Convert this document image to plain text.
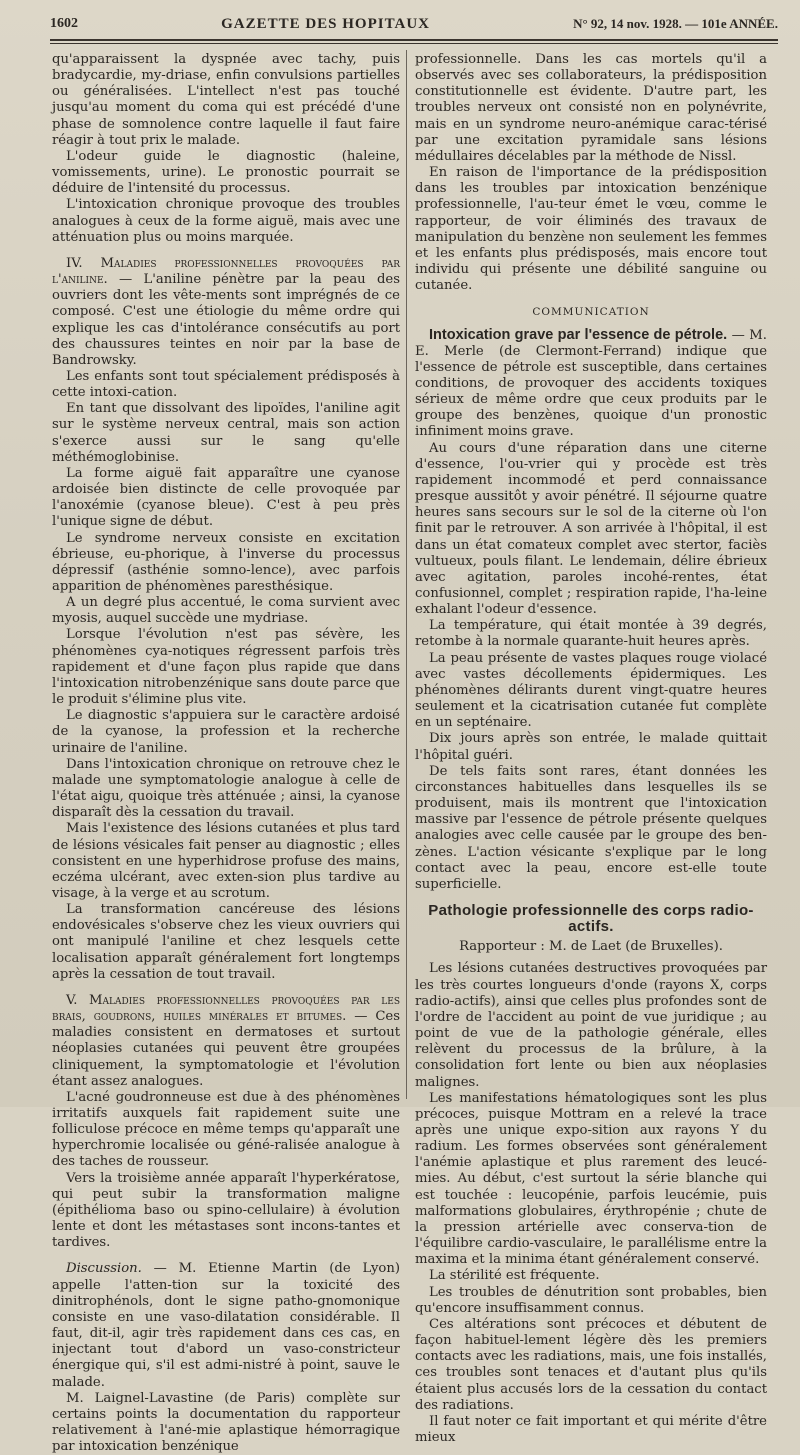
1602	GAZETTE DES HOPITAUX	N° 92, 14 nov. 1928. — 101e ANNÉE.

qu'apparaissent la dyspnée avec tachy, puis bradycardie, my-driase, enfin convulsions partielles ou généralisées. L'intellect n'est pas touché jusqu'au moment du coma qui est précédé d'une phase de somnolence contre laquelle il faut faire réagir à tout prix le malade.

L'odeur guide le diagnostic (haleine, vomissements, urine). Le pronostic pourrait se déduire de l'intensité du processus.

L'intoxication chronique provoque des troubles analogues à ceux de la forme aiguë, mais avec une atténuation plus ou moins marquée.

IV. Maladies professionnelles provoquées par l'aniline. — L'aniline pénètre par la peau des ouvriers dont les vête-ments sont imprégnés de ce composé. C'est une étiologie du même ordre qui explique les cas d'intolérance consécutifs au port des chaussures teintes en noir par la base de Bandrowsky.

Les enfants sont tout spécialement prédisposés à cette intoxi-cation.

En tant que dissolvant des lipoïdes, l'aniline agit sur le système nerveux central, mais son action s'exerce aussi sur le sang qu'elle méthémoglobinise.

La forme aiguë fait apparaître une cyanose ardoisée bien distincte de celle provoquée par l'anoxémie (cyanose bleue). C'est à peu près l'unique signe de début.

Le syndrome nerveux consiste en excitation ébrieuse, eu-phorique, à l'inverse du processus dépressif (asthénie somno-lence), avec parfois apparition de phénomènes paresthésique.

A un degré plus accentué, le coma survient avec myosis, auquel succède une mydriase.

Lorsque l'évolution n'est pas sévère, les phénomènes cya-notiques régressent parfois très rapidement et d'une façon plus rapide que dans l'intoxication nitrobenzénique sans doute parce que le produit s'élimine plus vite.

Le diagnostic s'appuiera sur le caractère ardoisé de la cyanose, la profession et la recherche urinaire de l'aniline.

Dans l'intoxication chronique on retrouve chez le malade une symptomatologie analogue à celle de l'état aigu, quoique très atténuée ; ainsi, la cyanose disparaît dès la cessation du travail.

Mais l'existence des lésions cutanées et plus tard de lésions vésicales fait penser au diagnostic ; elles consistent en une hyperhidrose profuse des mains, eczéma ulcérant, avec exten-sion plus tardive au visage, à la verge et au scrotum.

La transformation cancéreuse des lésions endovésicales s'observe chez les vieux ouvriers qui ont manipulé l'aniline et chez lesquels cette localisation apparaît généralement fort longtemps après la cessation de tout travail.

V. Maladies professionnelles provoquées par les brais, goudrons, huiles minérales et bitumes. — Ces maladies consistent en dermatoses et surtout néoplasies cutanées qui peuvent être groupées cliniquement, la symptomatologie et l'évolution étant assez analogues.

L'acné goudronneuse est due à des phénomènes irritatifs auxquels fait rapidement suite une folliculose précoce en même temps qu'apparaît une hyperchromie localisée ou géné-ralisée analogue à des taches de rousseur.

Vers la troisième année apparaît l'hyperkératose, qui peut subir la transformation maligne (épithélioma baso ou spino-cellulaire) à évolution lente et dont les métastases sont incons-tantes et tardives.

Discussion. — M. Etienne Martin (de Lyon) appelle l'atten-tion sur la toxicité des dinitrophénols, dont le signe patho-gnomonique consiste en une vaso-dilatation considérable. Il faut, dit-il, agir très rapidement dans ces cas, en injectant tout d'abord un vaso-constricteur énergique qui, s'il est admi-nistré à point, sauve le malade.

M. Laignel-Lavastine (de Paris) complète sur certains points la documentation du rapporteur relativement à l'ané-mie aplastique hémorragique par intoxication benzénique

professionnelle. Dans les cas mortels qu'il a observés avec ses collaborateurs, la prédisposition constitutionnelle est évidente. D'autre part, les troubles nerveux ont consisté non en polynévrite, mais en un syndrome neuro-anémique carac-térisé par une excitation pyramidale sans lésions médullaires décelables par la méthode de Nissl.

En raison de l'importance de la prédisposition dans les troubles par intoxication benzénique professionnelle, l'au-teur émet le vœu, comme le rapporteur, de voir éliminés des travaux de manipulation du benzène non seulement les femmes et les enfants plus prédisposés, mais encore tout individu qui présente une débilité sanguine ou cutanée.

COMMUNICATION

Intoxication grave par l'essence de pétrole. — M. E. Merle (de Clermont-Ferrand) indique que l'essence de pétrole est susceptible, dans certaines conditions, de provoquer des accidents toxiques sérieux de même ordre que ceux produits par le groupe des benzènes, quoique d'un pronostic infiniment moins grave.

Au cours d'une réparation dans une citerne d'essence, l'ou-vrier qui y procède est très rapidement incommodé et perd connaissance presque aussitôt y avoir pénétré. Il séjourne quatre heures sans secours sur le sol de la citerne où l'on finit par le retrouver. A son arrivée à l'hôpital, il est dans un état comateux complet avec stertor, faciès vultueux, pouls filant. Le lendemain, délire ébrieux avec agitation, paroles incohé-rentes, état confusionnel, complet ; respiration rapide, l'ha-leine exhalant l'odeur d'essence.

La température, qui était montée à 39 degrés, retombe à la normale quarante-huit heures après.

La peau présente de vastes plaques rouge violacé avec vastes décollements épidermiques. Les phénomènes délirants durent vingt-quatre heures seulement et la cicatrisation cutanée fut complète en un septénaire.

Dix jours après son entrée, le malade quittait l'hôpital guéri.

De tels faits sont rares, étant données les circonstances habituelles dans lesquelles ils se produisent, mais ils montrent que l'intoxication massive par l'essence de pétrole présente quelques analogies avec celle causée par le groupe des ben-zènes. L'action vésicante s'explique par le long contact avec la peau, encore est-elle toute superficielle.

Pathologie professionnelle des corps radio-actifs.

Rapporteur : M. de Laet (de Bruxelles).

Les lésions cutanées destructives provoquées par les très courtes longueurs d'onde (rayons X, corps radio-actifs), ainsi que celles plus profondes sont de l'ordre de l'accident au point de vue juridique ; au point de vue de la pathologie générale, elles relèvent du processus de la brûlure, à la consolidation fort lente ou bien aux néoplasies malignes.

Les manifestations hématologiques sont les plus précoces, puisque Mottram en a relevé la trace après une unique expo-sition aux rayons Y du radium. Les formes observées sont généralement l'anémie aplastique et plus rarement des leucé-mies. Au début, c'est surtout la série blanche qui est touchée : leucopénie, parfois leucémie, puis malformations globulaires, érythropénie ; chute de la pression artérielle avec conserva-tion de l'équilibre cardio-vasculaire, le parallélisme entre la maxima et la minima étant généralement conservé.

La stérilité est fréquente.

Les troubles de dénutrition sont probables, bien qu'encore insuffisamment connus.

Ces altérations sont précoces et débutent de façon habituel-lement légère dès les premiers contacts avec les radiations, mais, une fois installés, ces troubles sont tenaces et d'autant plus qu'ils étaient plus accusés lors de la cessation du contact des radiations.

Il faut noter ce fait important et qui mérite d'être mieux
